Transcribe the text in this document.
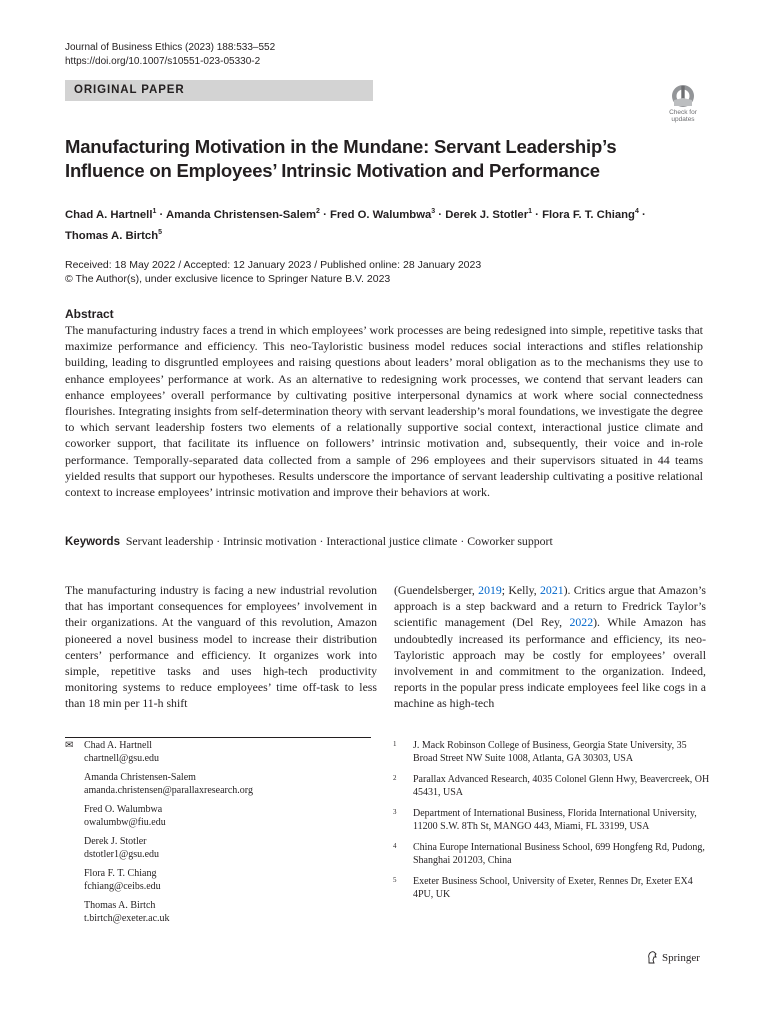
Journal of Business Ethics (2023) 188:533–552
https://doi.org/10.1007/s10551-023-05330-2
ORIGINAL PAPER
Check for
updates
Manufacturing Motivation in the Mundane: Servant Leadership’s
Influence on Employees’ Intrinsic Motivation and Performance
Chad A. Hartnell$^1$ · Amanda Christensen-Salem$^2$ · Fred O. Walumbwa$^3$ · Derek J. Stotler$^1$ · Flora F. T. Chiang$^4$ ·
Thomas A. Birtch$^5$
Received: 18 May 2022 / Accepted: 12 January 2023 / Published online: 28 January 2023
© The Author(s), under exclusive licence to Springer Nature B.V. 2023
Abstract
The manufacturing industry faces a trend in which employees’ work processes are being redesigned into simple, repetitive tasks that maximize performance and efficiency. This neo-Tayloristic business model reduces social interactions and stifles relationship building, leading to disgruntled employees and raising questions about leaders’ moral obligation as to the mechanisms they use to enhance employees’ performance at work. As an alternative to redesigning work processes, we contend that servant leaders can enhance employees’ overall performance by cultivating positive interpersonal dynamics at work where social connectedness flourishes. Integrating insights from self-determination theory with servant leadership’s moral foundations, we investigate the degree to which servant leadership fosters two elements of a relationally supportive social context, interactional justice climate and coworker support, that facilitate its influence on followers’ intrinsic motivation and, subsequently, their voice and in-role performance. Temporally-separated data collected from a sample of 296 employees and their supervisors situated in 44 teams yielded results that support our hypotheses. Results underscore the importance of servant leadership cultivating a positive relational context to increase employees’ intrinsic motivation and improve their behaviors at work.
Keywords Servant leadership · Intrinsic motivation · Interactional justice climate · Coworker support
The manufacturing industry is facing a new industrial revolution that has important consequences for employees’ involvement in their organizations. At the vanguard of this revolution, Amazon pioneered a novel business model to increase their distribution centers’ performance and efficiency. It organizes work into simple, repetitive tasks and uses high-tech productivity monitoring systems to reduce employees’ time off-task to less than 18 min per 11-h shift
(Guendelsberger, 2019; Kelly, 2021). Critics argue that Amazon’s approach is a step backward and a return to Fredrick Taylor’s scientific management (Del Rey, 2022). While Amazon has undoubtedly increased its performance and efficiency, its neo-Tayloristic approach may be costly for employees’ overall involvement in and commitment to the organization. Indeed, reports in the popular press indicate employees feel like cogs in a machine as high-tech
✉ Chad A. Hartnell
chartnell@gsu.edu
Amanda Christensen-Salem
amanda.christensen@parallaxresearch.org
Fred O. Walumbwa
owalumbw@fiu.edu
Derek J. Stotler
dstotler1@gsu.edu
Flora F. T. Chiang
fchiang@ceibs.edu
Thomas A. Birtch
t.birtch@exeter.ac.uk
1	J. Mack Robinson College of Business, Georgia State University, 35 Broad Street NW Suite 1008, Atlanta, GA 30303, USA
2	Parallax Advanced Research, 4035 Colonel Glenn Hwy, Beavercreek, OH 45431, USA
3	Department of International Business, Florida International University, 11200 S.W. 8Th St, MANGO 443, Miami, FL 33199, USA
4	China Europe International Business School, 699 Hongfeng Rd, Pudong, Shanghai 201203, China
5	Exeter Business School, University of Exeter, Rennes Dr, Exeter EX4 4PU, UK
Springer
